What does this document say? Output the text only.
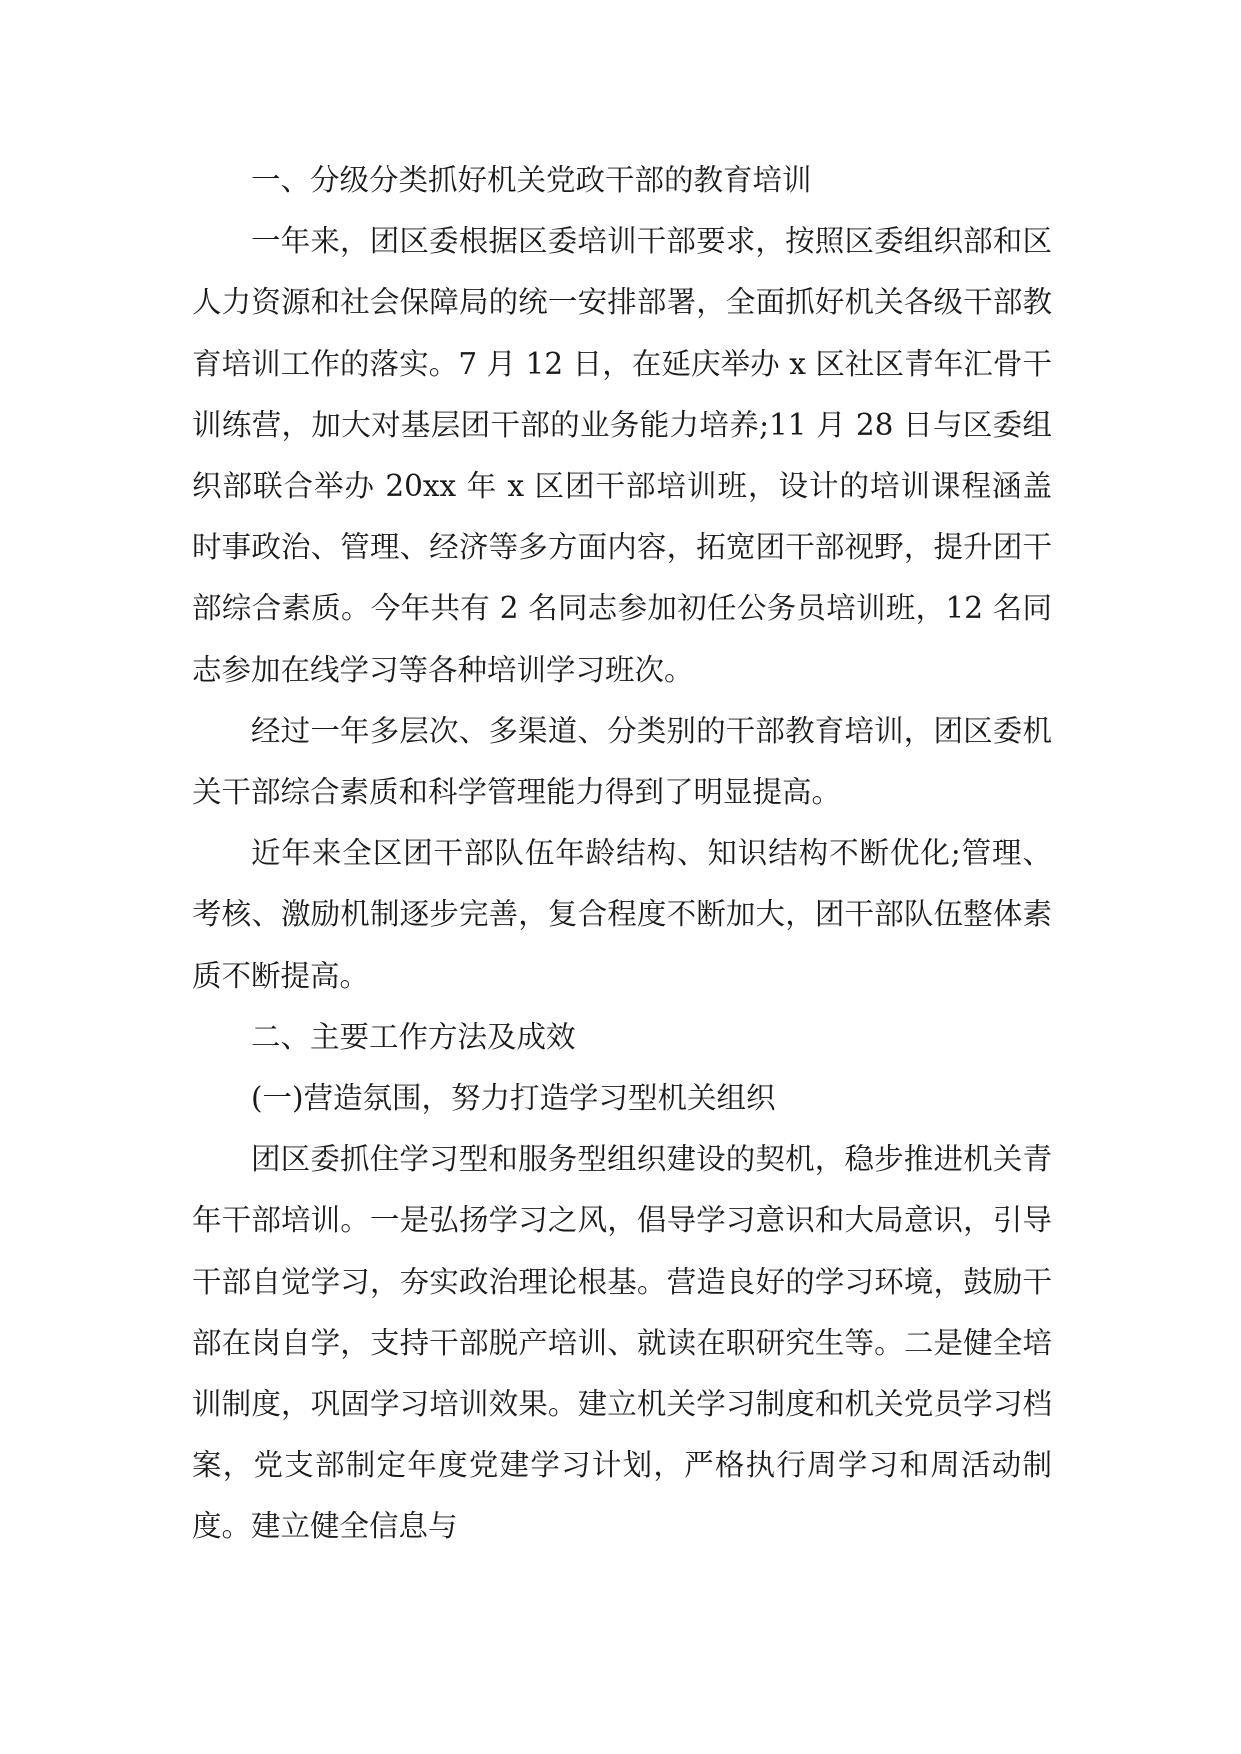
一、分级分类抓好机关党政干部的教育培训

一年来，团区委根据区委培训干部要求，按照区委组织部和区人力资源和社会保障局的统一安排部署，全面抓好机关各级干部教育培训工作的落实。7 月 12 日，在延庆举办 x 区社区青年汇骨干训练营，加大对基层团干部的业务能力培养;11 月 28 日与区委组织部联合举办 20xx 年 x 区团干部培训班，设计的培训课程涵盖时事政治、管理、经济等多方面内容，拓宽团干部视野，提升团干部综合素质。今年共有 2 名同志参加初任公务员培训班，12 名同志参加在线学习等各种培训学习班次。

经过一年多层次、多渠道、分类别的干部教育培训，团区委机关干部综合素质和科学管理能力得到了明显提高。

近年来全区团干部队伍年龄结构、知识结构不断优化;管理、考核、激励机制逐步完善，复合程度不断加大，团干部队伍整体素质不断提高。

二、主要工作方法及成效

(一)营造氛围，努力打造学习型机关组织

团区委抓住学习型和服务型组织建设的契机，稳步推进机关青年干部培训。一是弘扬学习之风，倡导学习意识和大局意识，引导干部自觉学习，夯实政治理论根基。营造良好的学习环境，鼓励干部在岗自学，支持干部脱产培训、就读在职研究生等。二是健全培训制度，巩固学习培训效果。建立机关学习制度和机关党员学习档案，党支部制定年度党建学习计划，严格执行周学习和周活动制度。建立健全信息与
